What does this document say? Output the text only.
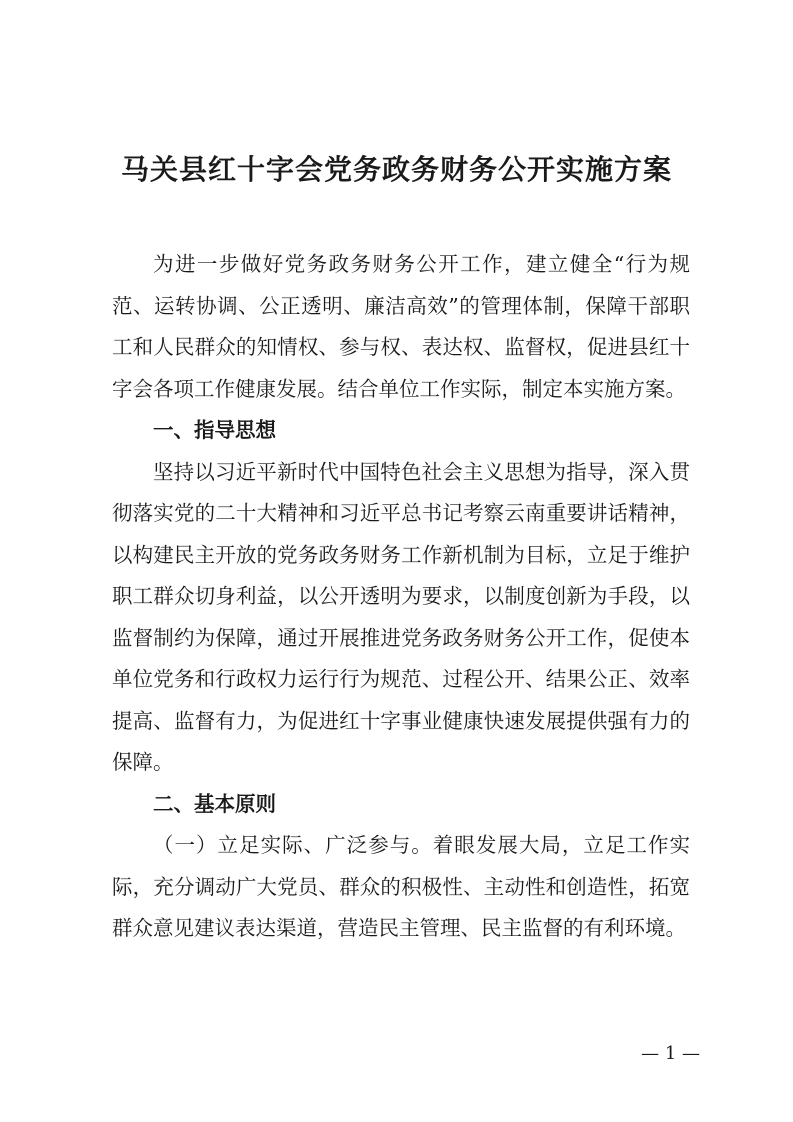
马关县红十字会党务政务财务公开实施方案

为进一步做好党务政务财务公开工作，建立健全“行为规范、运转协调、公正透明、廉洁高效”的管理体制，保障干部职工和人民群众的知情权、参与权、表达权、监督权，促进县红十字会各项工作健康发展。结合单位工作实际，制定本实施方案。

一、指导思想

坚持以习近平新时代中国特色社会主义思想为指导，深入贯彻落实党的二十大精神和习近平总书记考察云南重要讲话精神，以构建民主开放的党务政务财务工作新机制为目标，立足于维护职工群众切身利益，以公开透明为要求，以制度创新为手段，以监督制约为保障，通过开展推进党务政务财务公开工作，促使本单位党务和行政权力运行行为规范、过程公开、结果公正、效率提高、监督有力，为促进红十字事业健康快速发展提供强有力的保障。

二、基本原则

（一）立足实际、广泛参与。着眼发展大局，立足工作实际，充分调动广大党员、群众的积极性、主动性和创造性，拓宽群众意见建议表达渠道，营造民主管理、民主监督的有利环境。

— 1 —
